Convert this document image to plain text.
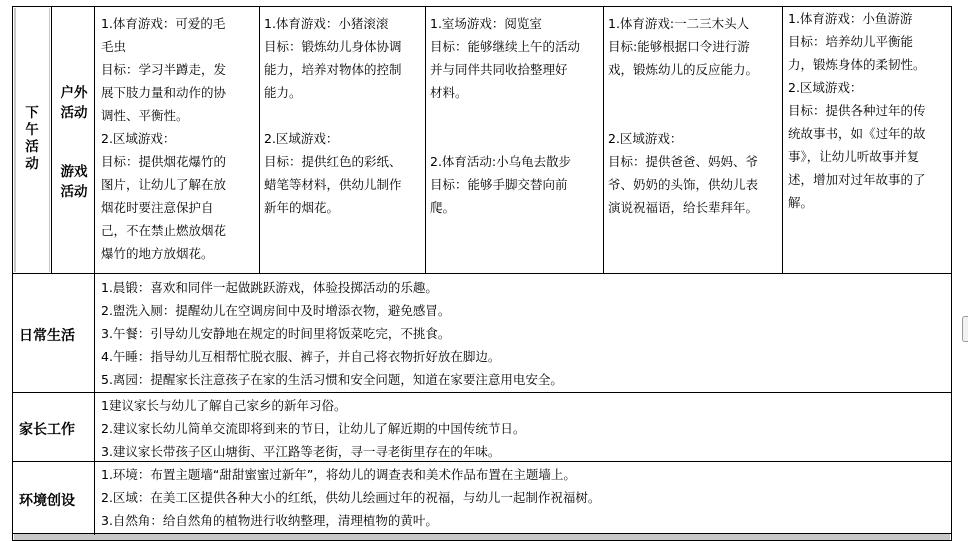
下
午
活
动
户外
活动
游戏
活动
1.体育游戏：可爱的毛
毛虫
目标：学习半蹲走，发
展下肢力量和动作的协
调性、平衡性。
2.区域游戏：
目标：提供烟花爆竹的
图片，让幼儿了解在放
烟花时要注意保护自
己，不在禁止燃放烟花
爆竹的地方放烟花。
1.体育游戏：小猪滚滚
目标：锻炼幼儿身体协调
能力，培养对物体的控制
能力。
2.区域游戏：
目标：提供红色的彩纸、
蜡笔等材料，供幼儿制作
新年的烟花。
1.室场游戏：阅览室
目标：能够继续上午的活动
并与同伴共同收拾整理好
材料。
2.体育活动:小乌龟去散步
目标：能够手脚交替向前
爬。
1.体育游戏:一二三木头人
目标:能够根据口令进行游
戏，锻炼幼儿的反应能力。
2.区域游戏：
目标：提供爸爸、妈妈、爷
爷、奶奶的头饰，供幼儿表
演说祝福语，给长辈拜年。
1.体育游戏：小鱼游游
目标：培养幼儿平衡能
力，锻炼身体的柔韧性。
2.区域游戏：
目标：提供各种过年的传
统故事书，如《过年的故
事》，让幼儿听故事并复
述，增加对过年故事的了
解。
日常生活
1.晨锻：喜欢和同伴一起做跳跃游戏，体验投掷活动的乐趣。
2.盥洗入厕：提醒幼儿在空调房间中及时增添衣物，避免感冒。
3.午餐：引导幼儿安静地在规定的时间里将饭菜吃完，不挑食。
4.午睡：指导幼儿互相帮忙脱衣服、裤子，并自己将衣物折好放在脚边。
5.离园：提醒家长注意孩子在家的生活习惯和安全问题，知道在家要注意用电安全。
家长工作
1建议家长与幼儿了解自己家乡的新年习俗。
2.建议家长幼儿简单交流即将到来的节日，让幼儿了解近期的中国传统节日。
3.建议家长带孩子区山塘街、平江路等老街，寻一寻老街里存在的年味。
环境创设
1.环境：布置主题墙“甜甜蜜蜜过新年”，将幼儿的调查表和美术作品布置在主题墙上。
2.区域：在美工区提供各种大小的红纸，供幼儿绘画过年的祝福，与幼儿一起制作祝福树。
3.自然角：给自然角的植物进行收纳整理，清理植物的黄叶。
